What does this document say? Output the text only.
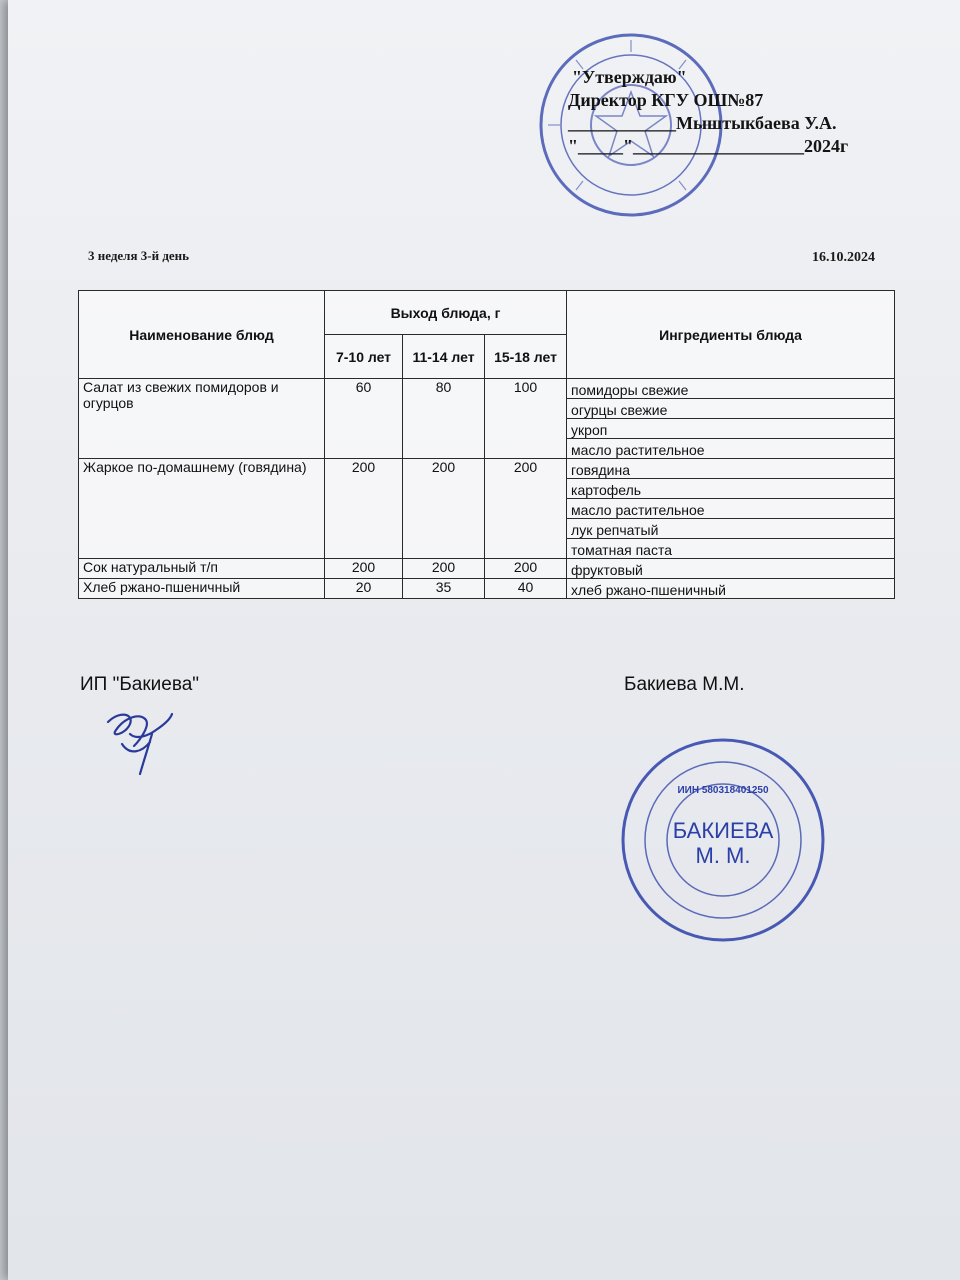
"Утверждаю"
Директор КГУ ОШ№87
____________Мыштыкбаева У.А.
"_____"___________________2024г
3 неделя 3-й день	16.10.2024
Наименование блюд	Выход блюда, г			Ингредиенты блюда
	7-10 лет	11-14 лет	15-18 лет	
Салат из свежих помидоров и огурцов	60	80	100	помидоры свежие
				огурцы свежие
				укроп
				масло растительное
Жаркое по-домашнему (говядина)	200	200	200	говядина
				картофель
				масло растительное
				лук репчатый
				томатная паста
Сок натуральный т/п	200	200	200	фруктовый
Хлеб ржано-пшеничный	20	35	40	хлеб ржано-пшеничный
ИП "Бакиева"	Бакиева М.М.
ИИН 580318401250
БАКИЕВА
М. М.
